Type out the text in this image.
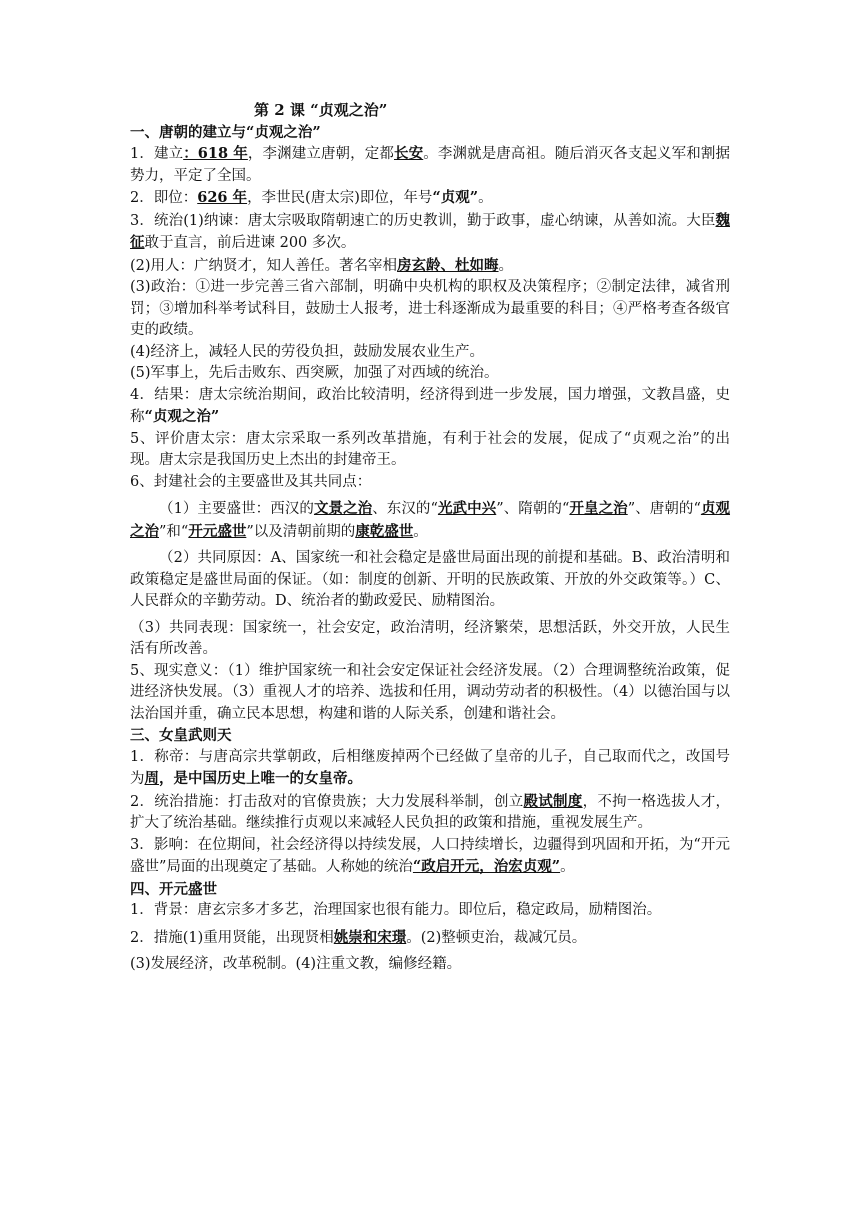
第 2 课 “贞观之治”

一、唐朝的建立与“贞观之治”

1．建立：618 年，李渊建立唐朝，定都长安。李渊就是唐高祖。随后消灭各支起义军和割据势力，平定了全国。

2．即位：626 年，李世民(唐太宗)即位，年号“贞观”。

3．统治(1)纳谏：唐太宗吸取隋朝速亡的历史教训，勤于政事，虚心纳谏，从善如流。大臣魏征敢于直言，前后进谏 200 多次。

(2)用人：广纳贤才，知人善任。著名宰相房玄龄、杜如晦。

(3)政治：①进一步完善三省六部制，明确中央机构的职权及决策程序；②制定法律，减省刑罚；③增加科举考试科目，鼓励士人报考，进士科逐渐成为最重要的科目；④严格考查各级官吏的政绩。

(4)经济上，减轻人民的劳役负担，鼓励发展农业生产。

(5)军事上，先后击败东、西突厥，加强了对西域的统治。

4．结果：唐太宗统治期间，政治比较清明，经济得到进一步发展，国力增强，文教昌盛，史称“贞观之治”

5、评价唐太宗：唐太宗采取一系列改革措施，有利于社会的发展，促成了“贞观之治”的出现。唐太宗是我国历史上杰出的封建帝王。

6、封建社会的主要盛世及其共同点：

（1）主要盛世：西汉的文景之治、东汉的“光武中兴”、隋朝的“开皇之治”、唐朝的“贞观之治”和“开元盛世”以及清朝前期的康乾盛世。

（2）共同原因：A、国家统一和社会稳定是盛世局面出现的前提和基础。B、政治清明和政策稳定是盛世局面的保证。（如：制度的创新、开明的民族政策、开放的外交政策等。）C、人民群众的辛勤劳动。D、统治者的勤政爱民、励精图治。

（3）共同表现：国家统一，社会安定，政治清明，经济繁荣，思想活跃，外交开放，人民生活有所改善。

5、现实意义：（1）维护国家统一和社会安定保证社会经济发展。（2）合理调整统治政策，促进经济快发展。（3）重视人才的培养、选拔和任用，调动劳动者的积极性。（4）以德治国与以法治国并重，确立民本思想，构建和谐的人际关系，创建和谐社会。

三、女皇武则天

1．称帝：与唐高宗共掌朝政，后相继废掉两个已经做了皇帝的儿子，自己取而代之，改国号为周，是中国历史上唯一的女皇帝。

2．统治措施：打击敌对的官僚贵族；大力发展科举制，创立殿试制度，不拘一格选拔人才，扩大了统治基础。继续推行贞观以来减轻人民负担的政策和措施，重视发展生产。

3．影响：在位期间，社会经济得以持续发展，人口持续增长，边疆得到巩固和开拓，为“开元盛世”局面的出现奠定了基础。人称她的统治“政启开元，治宏贞观”。

四、开元盛世

1．背景：唐玄宗多才多艺，治理国家也很有能力。即位后，稳定政局，励精图治。

2．措施(1)重用贤能，出现贤相姚崇和宋璟。(2)整顿吏治，裁减冗员。

(3)发展经济，改革税制。(4)注重文教，编修经籍。
